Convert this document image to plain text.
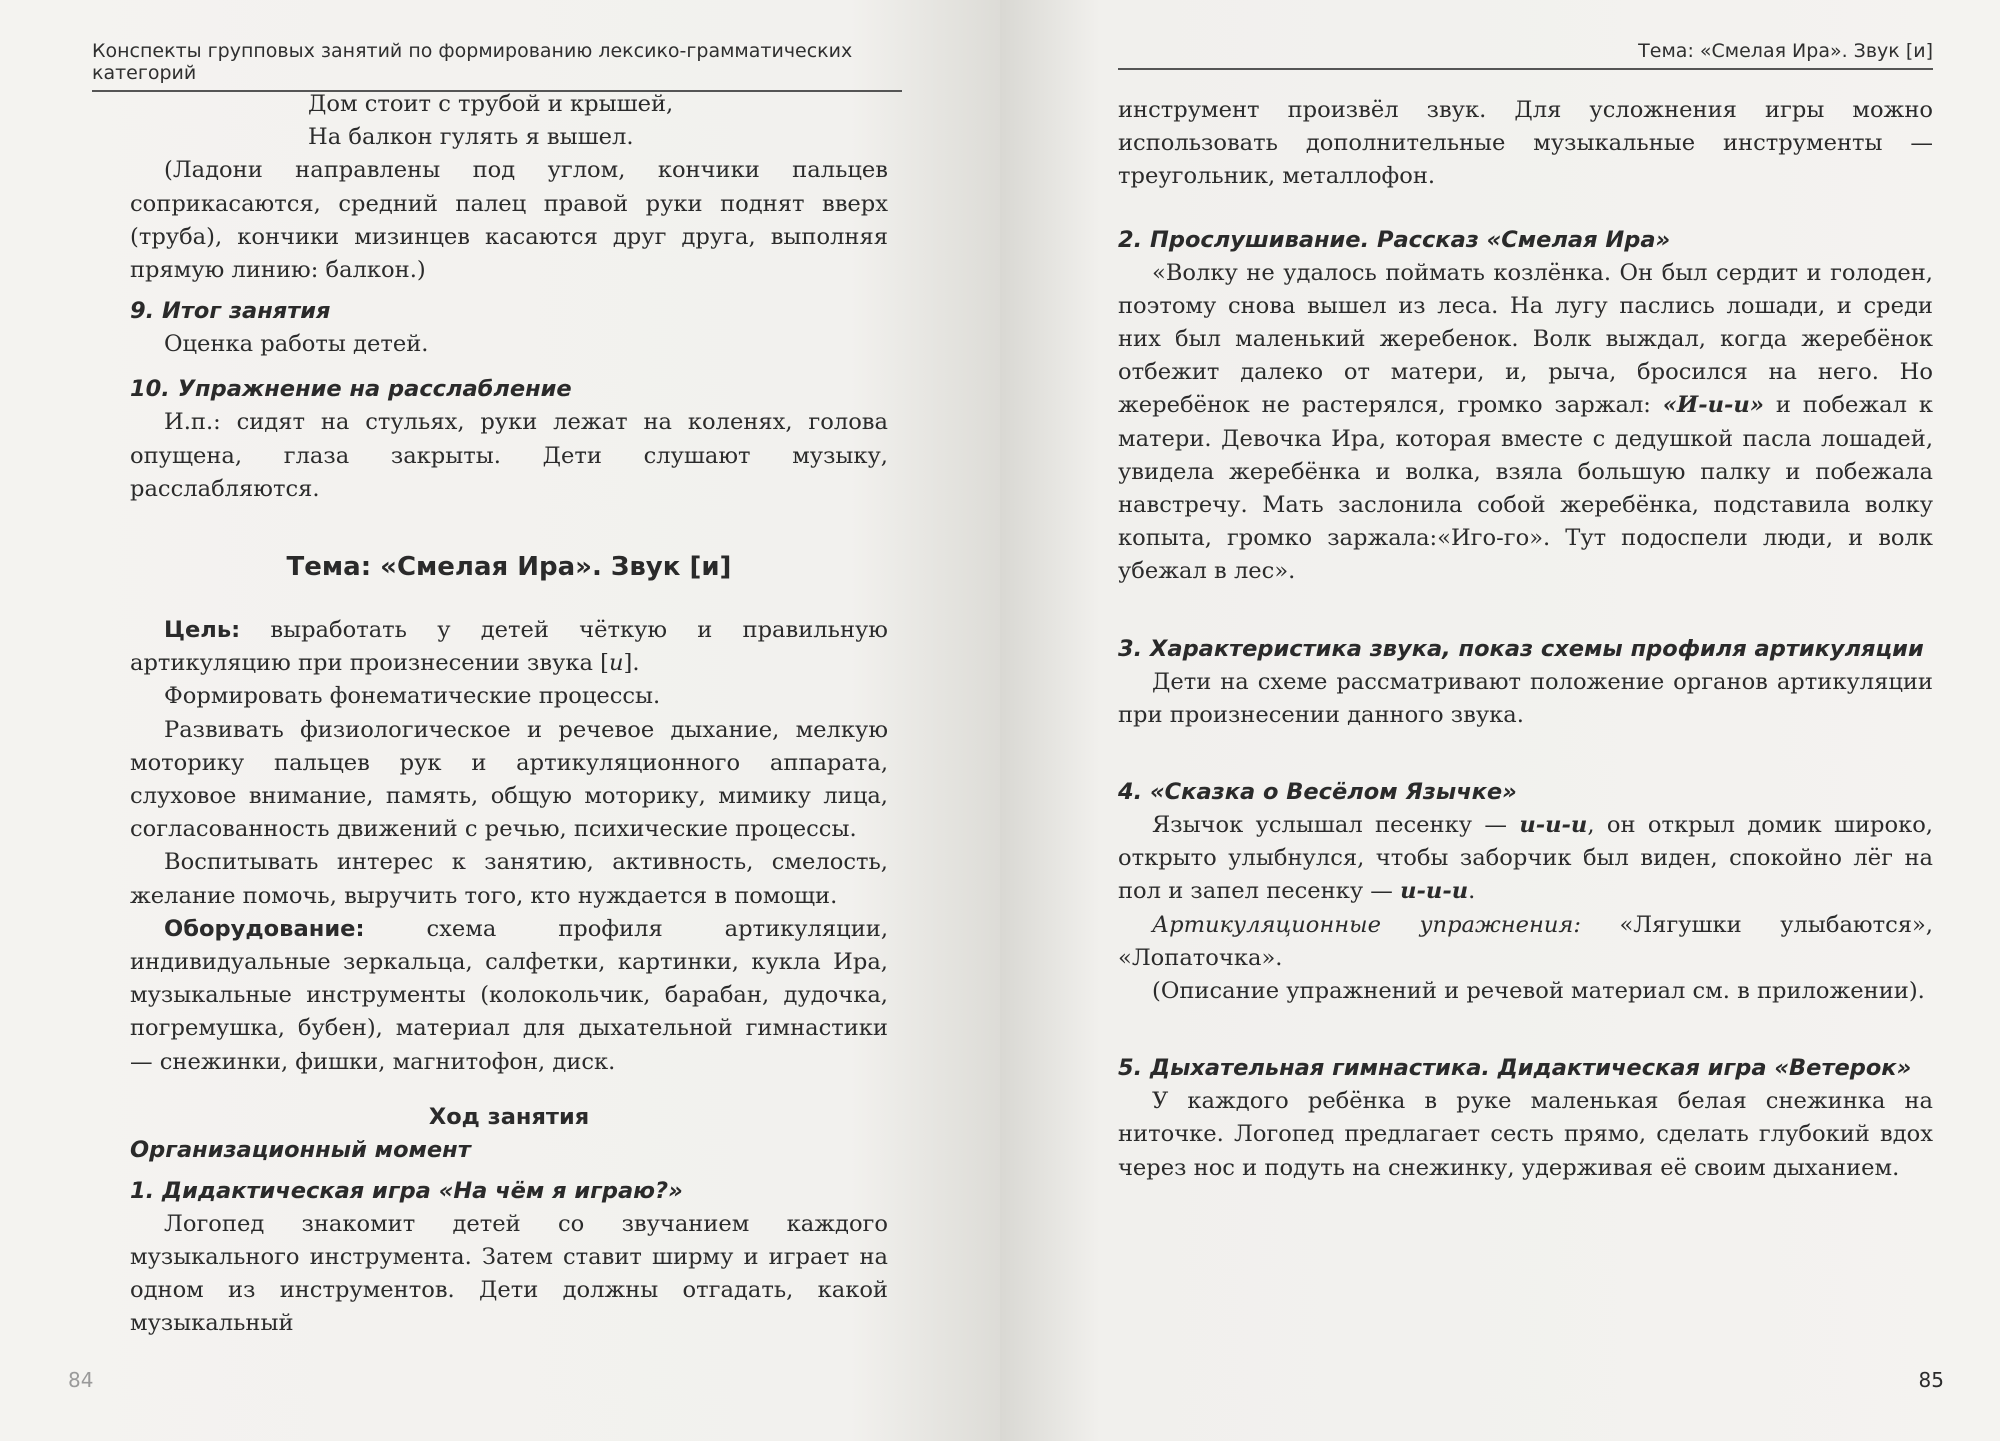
Конспекты групповых занятий по формированию лексико-грамматических категорий

Дом стоит с трубой и крышей,

На балкон гулять я вышел.

(Ладони направлены под углом, кончики пальцев соприкасаются, средний палец правой руки поднят вверх (труба), кончики мизинцев касаются друг друга, выполняя прямую линию: балкон.)

9. Итог занятия

Оценка работы детей.

10. Упражнение на расслабление

И.п.: сидят на стульях, руки лежат на коленях, голова опущена, глаза закрыты. Дети слушают музыку, расслабляются.

Тема: «Смелая Ира». Звук [и]

Цель: выработать у детей чёткую и правильную артикуляцию при произнесении звука [и].

Формировать фонематические процессы.

Развивать физиологическое и речевое дыхание, мелкую моторику пальцев рук и артикуляционного аппарата, слуховое внимание, память, общую моторику, мимику лица, согласованность движений с речью, психические процессы.

Воспитывать интерес к занятию, активность, смелость, желание помочь, выручить того, кто нуждается в помощи.

Оборудование:	схема профиля артикуляции, индивидуальные зеркальца, салфетки, картинки, кукла Ира, музыкальные инструменты (колокольчик, барабан, дудочка, погремушка, бубен), материал для дыхательной гимнастики — снежинки, фишки, магнитофон, диск.

Ход занятия

Организационный момент
1. Дидактическая игра «На чём я играю?»

Логопед знакомит детей со звучанием каждого музыкального инструмента. Затем ставит ширму и играет на одном из инструментов. Дети должны отгадать, какой музыкальный

84
Тема: «Смелая Ира». Звук [и]

инструмент произвёл звук. Для усложнения игры можно использовать дополнительные музыкальные инструменты — треугольник, металлофон.

2. Прослушивание. Рассказ «Смелая Ира»

«Волку не удалось поймать козлёнка. Он был сердит и голоден, поэтому снова вышел из леса. На лугу паслись лошади, и среди них был маленький жеребенок. Волк выждал, когда жеребёнок отбежит далеко от матери, и, рыча, бросился на него. Но жеребёнок не растерялся, громко заржал: «И-и-и» и побежал к матери. Девочка Ира, которая вместе с дедушкой пасла лошадей, увидела жеребёнка и волка, взяла большую палку и побежала навстречу. Мать заслонила собой жеребёнка, подставила волку копыта, громко заржала:«Иго-го». Тут подоспели люди, и волк убежал в лес».

3. Характеристика звука, показ схемы профиля артикуляции

Дети на схеме рассматривают положение органов артикуляции при произнесении данного звука.

4. «Сказка о Весёлом Язычке»

Язычок услышал песенку — и-и-и, он открыл домик широко, открыто улыбнулся, чтобы заборчик был виден, спокойно лёг на пол и запел песенку — и-и-и.

Артикуляционные упражнения: «Лягушки улыбаются», «Лопаточка».

(Описание упражнений и речевой материал см. в приложении).

5. Дыхательная гимнастика. Дидактическая игра «Ветерок»

У каждого ребёнка в руке маленькая белая снежинка на ниточке. Логопед предлагает сесть прямо, сделать глубокий вдох через нос и подуть на снежинку, удерживая её своим дыханием.

85
